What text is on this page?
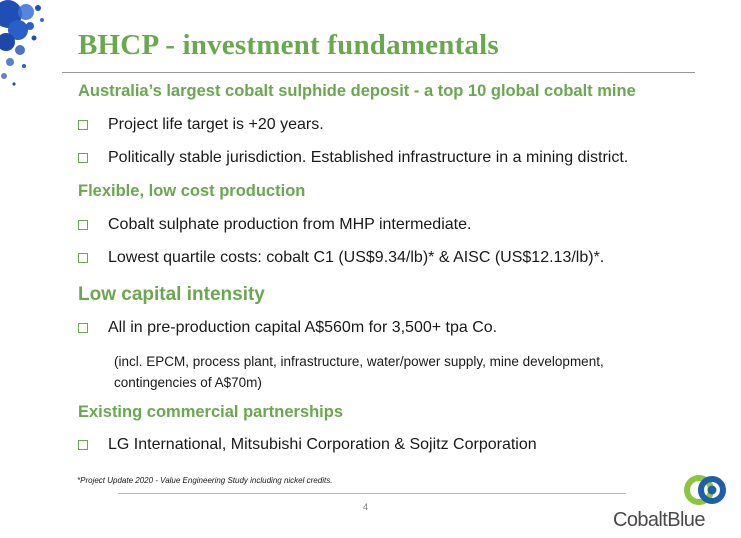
BHCP - investment fundamentals
Australia’s largest cobalt sulphide deposit - a top 10 global cobalt mine
Project life target is +20 years.
Politically stable jurisdiction. Established infrastructure in a mining district.
Flexible, low cost production
Cobalt sulphate production from MHP intermediate.
Lowest quartile costs: cobalt C1 (US$9.34/lb)* & AISC (US$12.13/lb)*.
Low capital intensity
All in pre-production capital A$560m for 3,500+ tpa Co.
(incl. EPCM, process plant, infrastructure, water/power supply, mine development,
contingencies of A$70m)
Existing commercial partnerships
LG International, Mitsubishi Corporation & Sojitz Corporation
*Project Update 2020 - Value Engineering Study including nickel credits.
4
CobaltBlue
